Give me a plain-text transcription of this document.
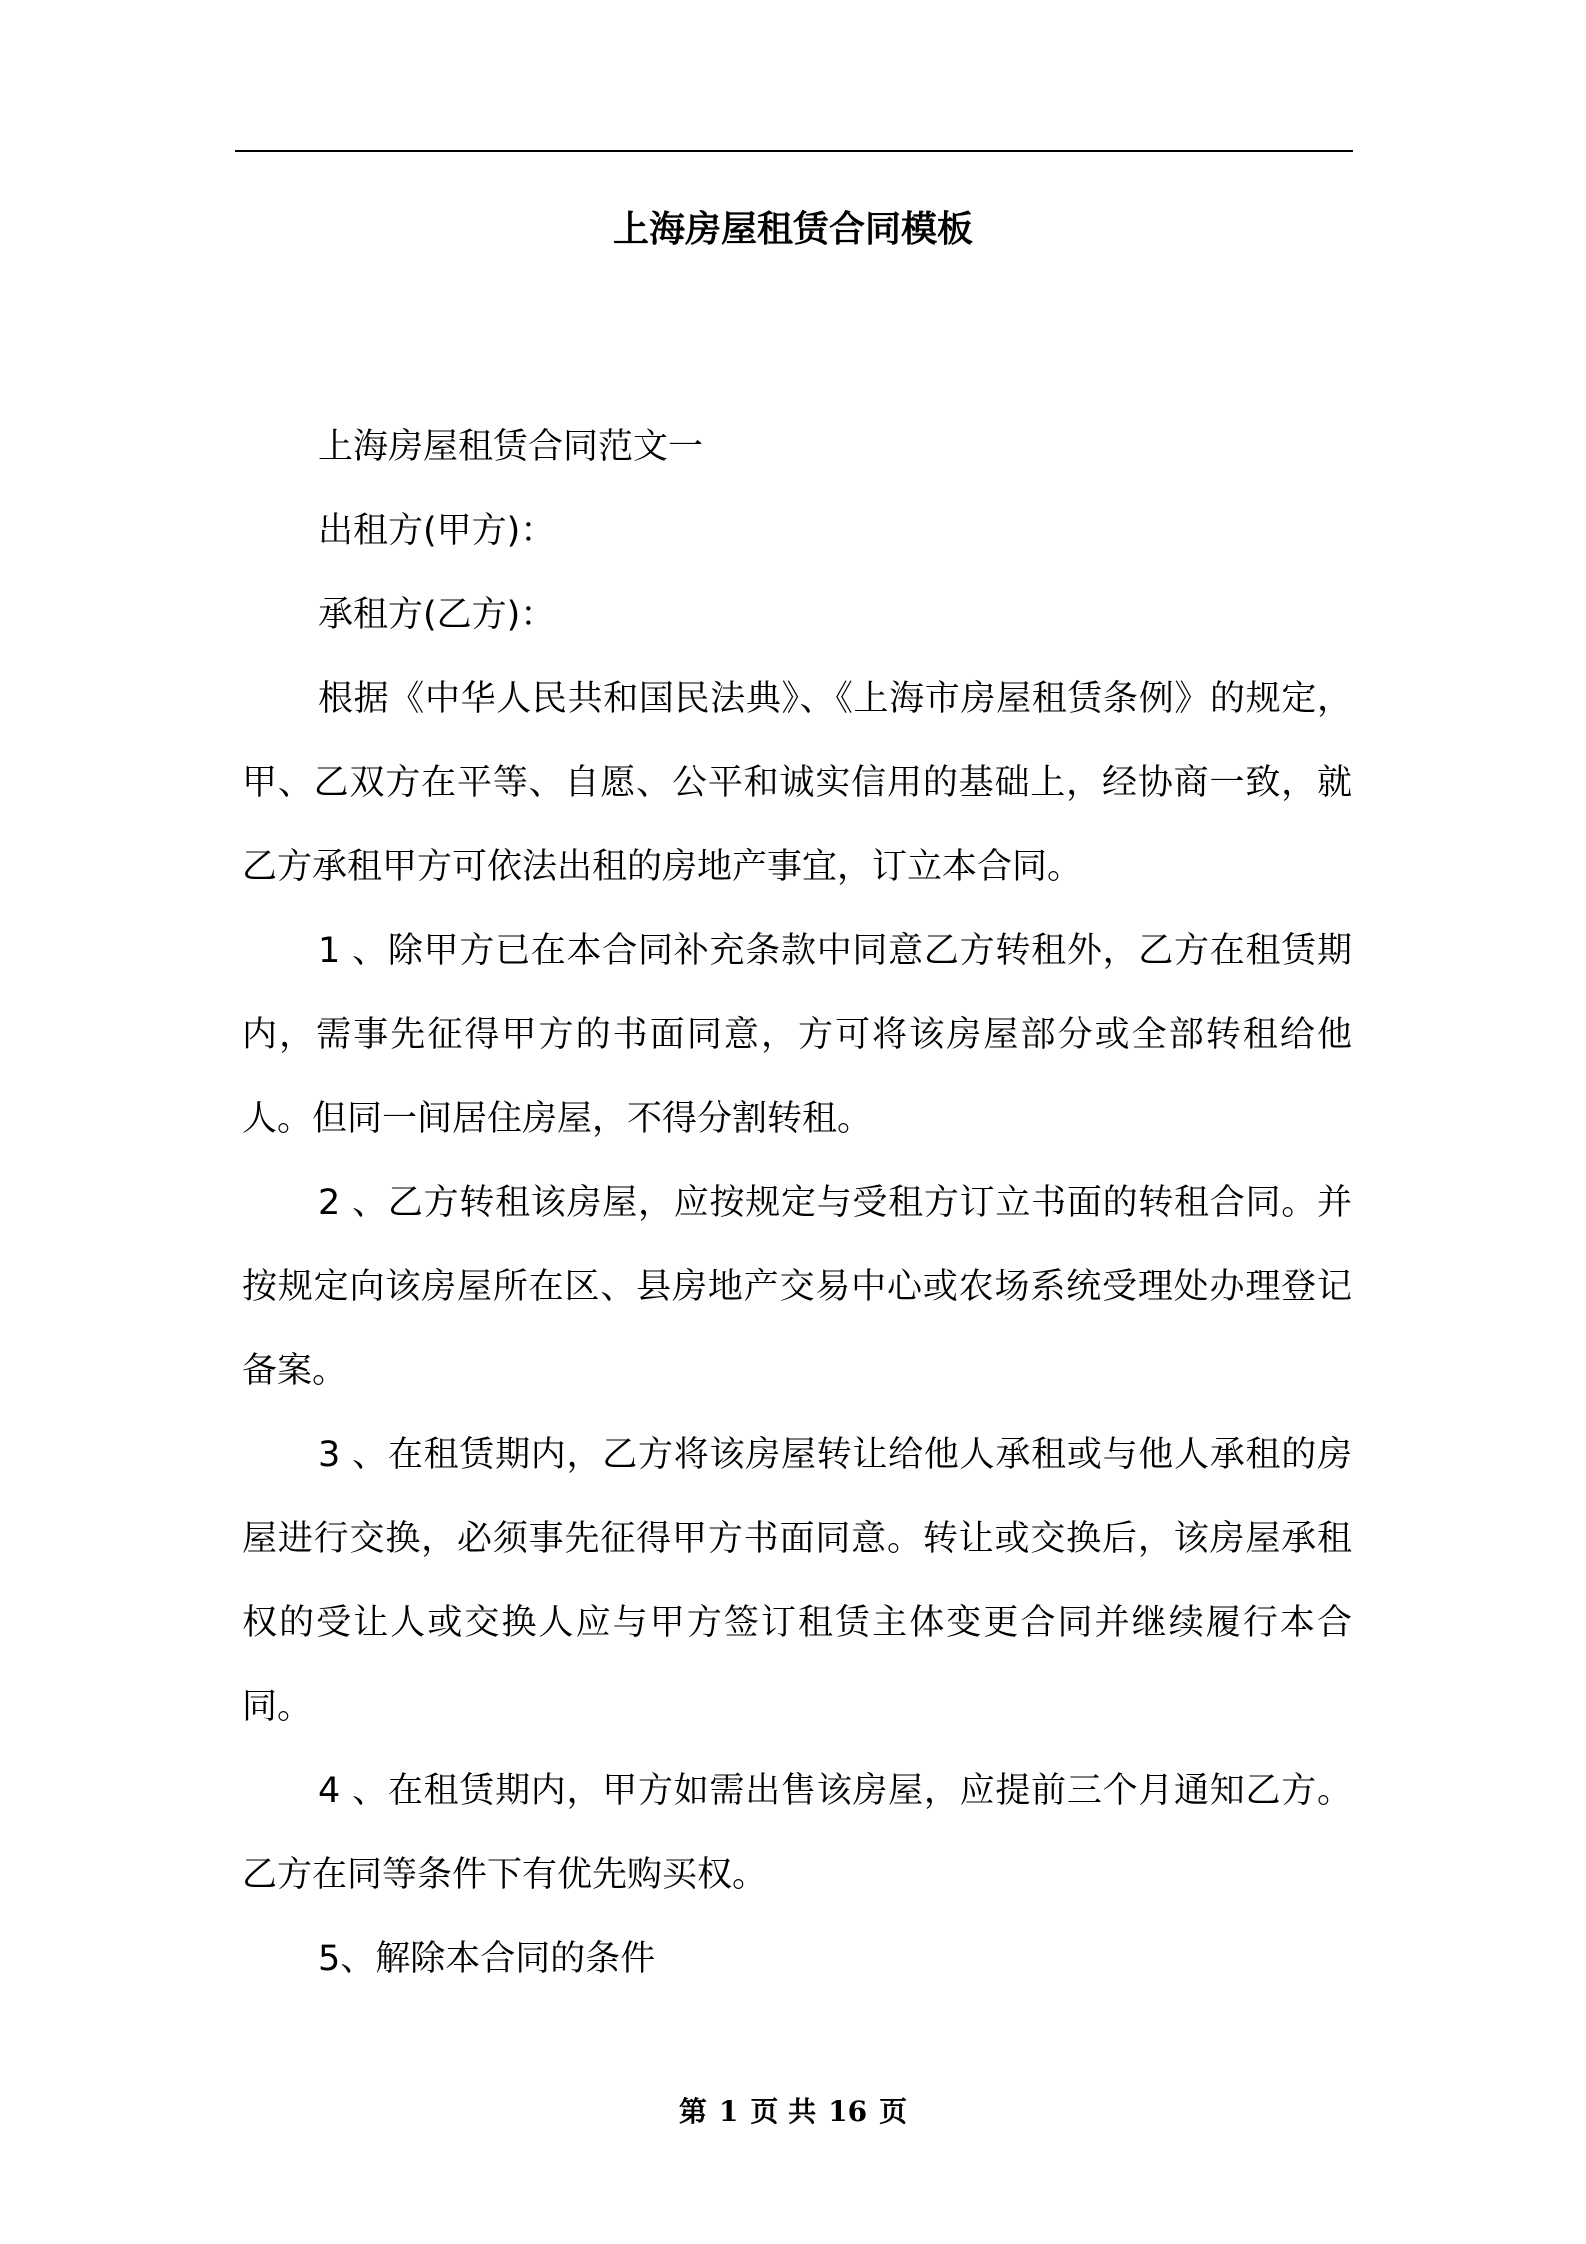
上海房屋租赁合同模板

上海房屋租赁合同范文一

出租方(甲方)：

承租方(乙方)：

根据《中华人民共和国民法典》、《上海市房屋租赁条例》的规定，甲、乙双方在平等、自愿、公平和诚实信用的基础上，经协商一致，就乙方承租甲方可依法出租的房地产事宜，订立本合同。

1 、除甲方已在本合同补充条款中同意乙方转租外，乙方在租赁期内，需事先征得甲方的书面同意，方可将该房屋部分或全部转租给他人。但同一间居住房屋，不得分割转租。

2 、乙方转租该房屋，应按规定与受租方订立书面的转租合同。并按规定向该房屋所在区、县房地产交易中心或农场系统受理处办理登记备案。

3 、在租赁期内，乙方将该房屋转让给他人承租或与他人承租的房屋进行交换，必须事先征得甲方书面同意。转让或交换后，该房屋承租权的受让人或交换人应与甲方签订租赁主体变更合同并继续履行本合同。

4 、在租赁期内，甲方如需出售该房屋，应提前三个月通知乙方。乙方在同等条件下有优先购买权。

5、解除本合同的条件

第 1 页 共 16 页
